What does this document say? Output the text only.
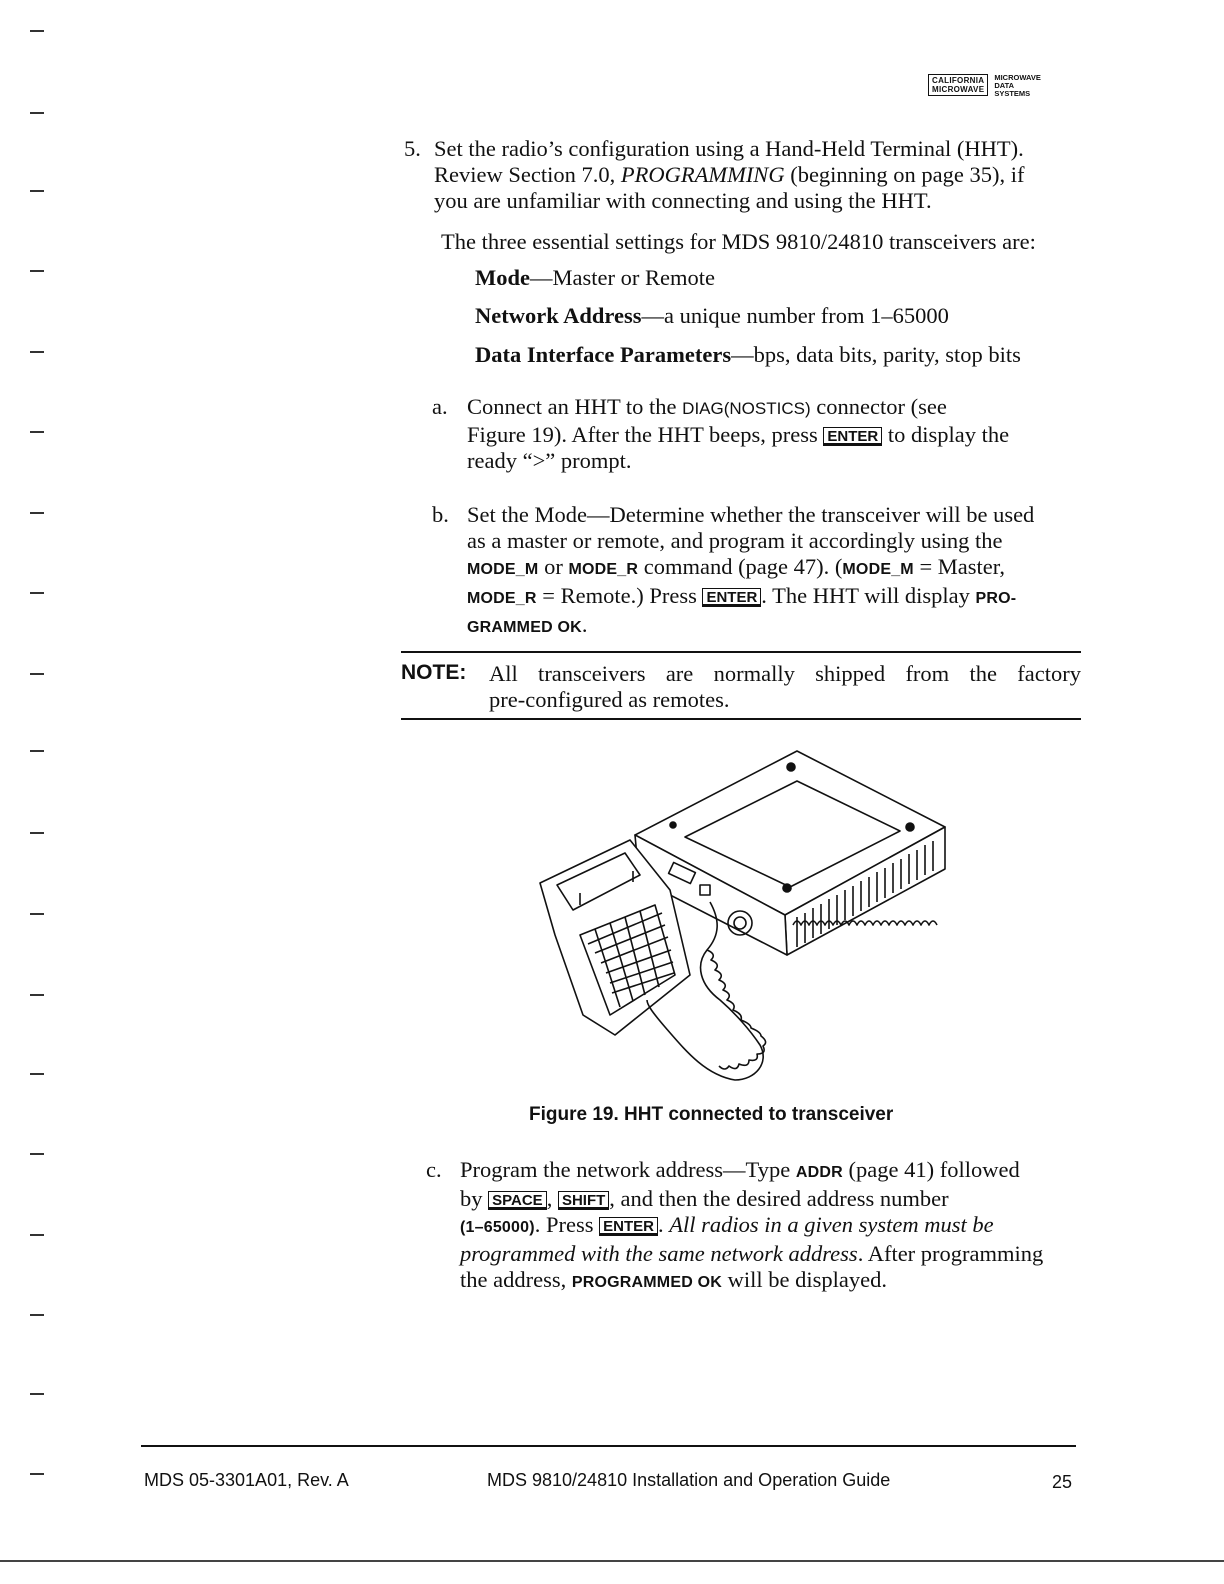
CALIFORNIA
MICROWAVE
MICROWAVE
DATA
SYSTEMS
5. Set the radio’s configuration using a Hand-Held Terminal (HHT).
Review Section 7.0, PROGRAMMING (beginning on page 35), if
you are unfamiliar with connecting and using the HHT.
The three essential settings for MDS 9810/24810 transceivers are:
Mode—Master or Remote
Network Address—a unique number from 1–65000
Data Interface Parameters—bps, data bits, parity, stop bits
a. Connect an HHT to the DIAG(NOSTICS) connector (see
Figure 19). After the HHT beeps, press ENTER to display the
ready “>” prompt.
b. Set the Mode—Determine whether the transceiver will be used
as a master or remote, and program it accordingly using the
MODE_M or MODE_R command (page 47). (MODE_M = Master,
MODE_R = Remote.) Press ENTER . The HHT will display PRO-
GRAMMED OK.
NOTE: All transceivers are normally shipped from the factory
pre-configured as remotes.
Figure 19. HHT connected to transceiver
c. Program the network address—Type ADDR (page 41) followed
by SPACE , SHIFT , and then the desired address number
(1–65000). Press ENTER . All radios in a given system must be
programmed with the same network address. After programming
the address, PROGRAMMED OK will be displayed.
MDS 05-3301A01, Rev. A	MDS 9810/24810 Installation and Operation Guide	25
